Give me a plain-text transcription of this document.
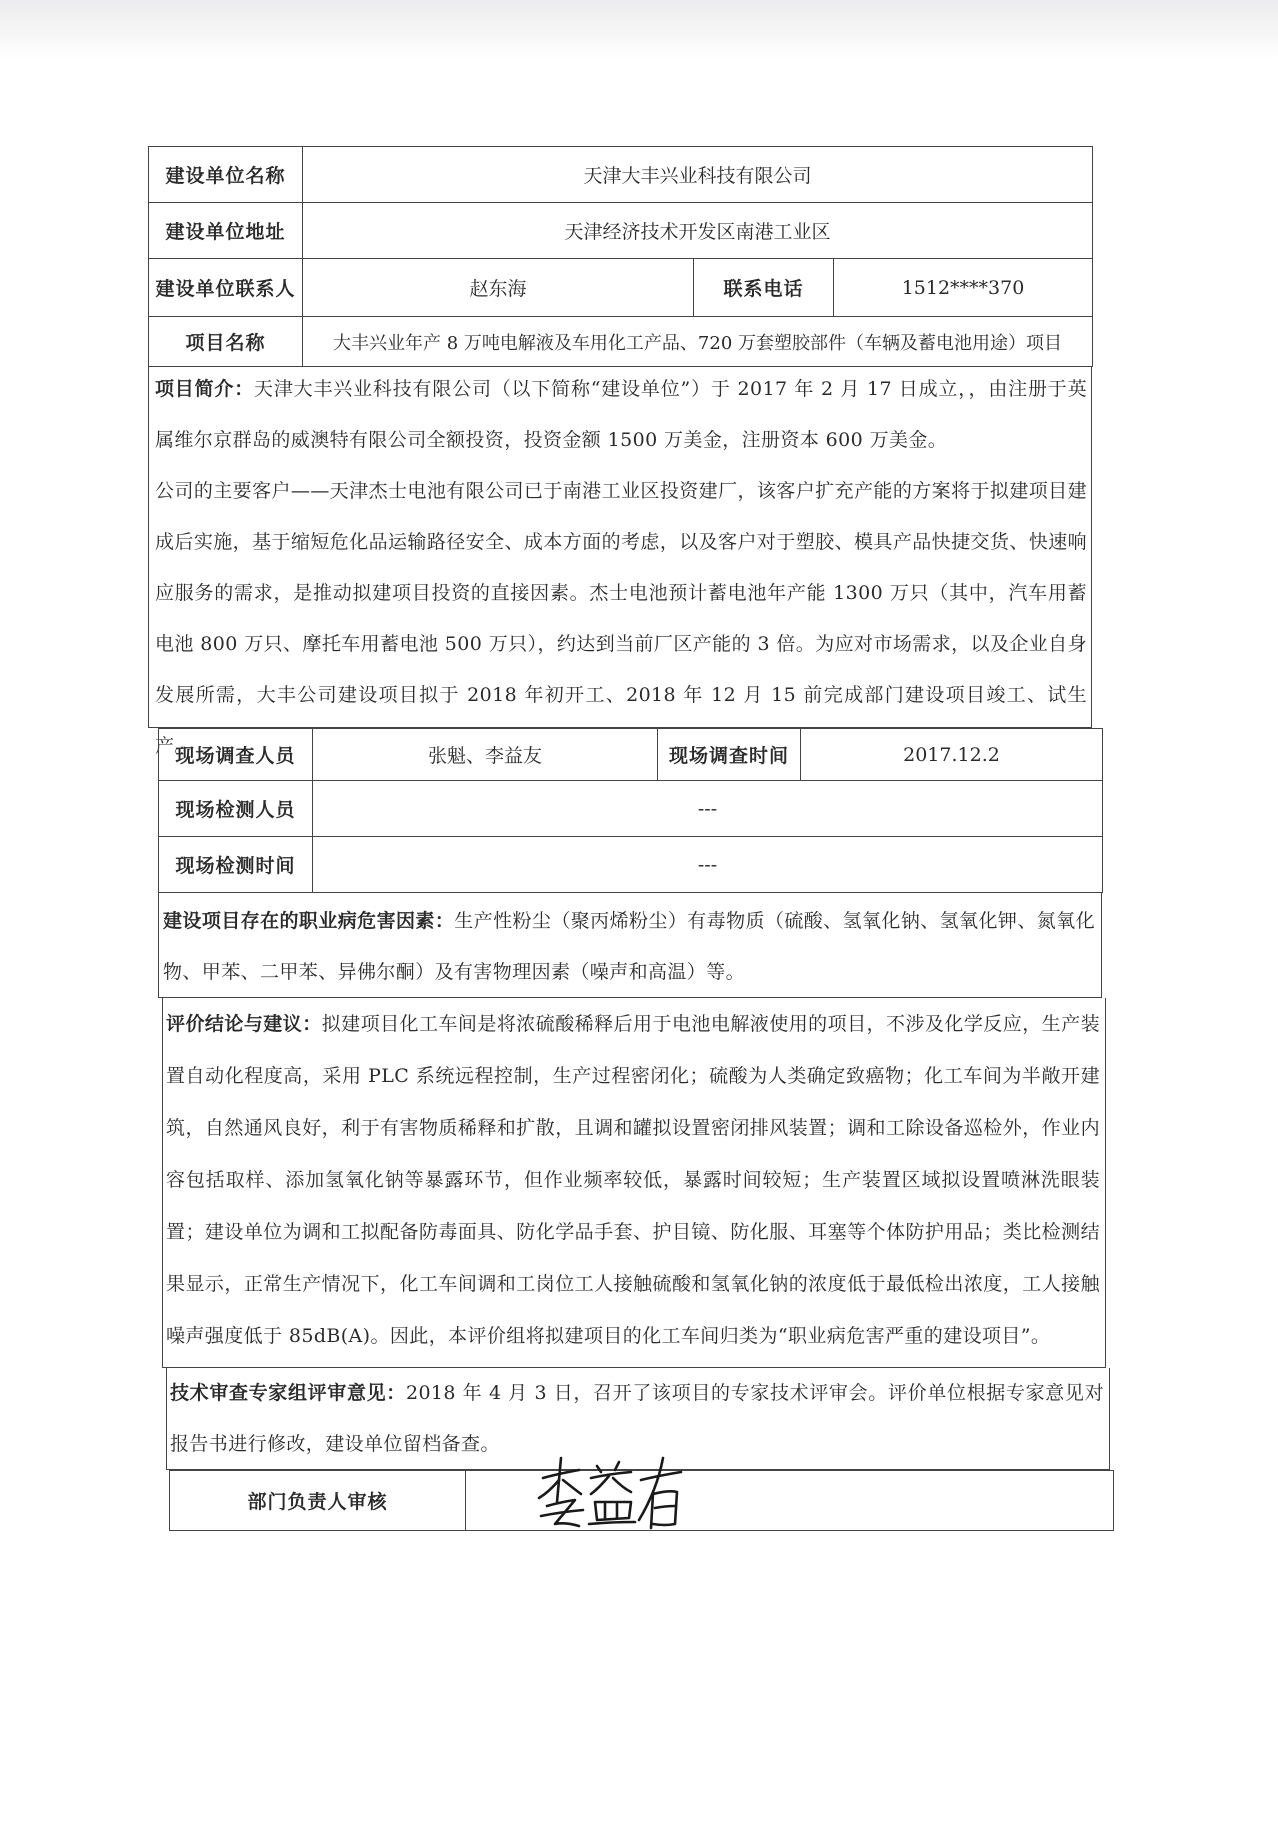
建设单位名称	天津大丰兴业科技有限公司		
建设单位地址	天津经济技术开发区南港工业区		
建设单位联系人	赵东海	联系电话	1512****370
项目名称	大丰兴业年产 8 万吨电解液及车用化工产品、720 万套塑胶部件（车辆及蓄电池用途）项目		
项目简介：天津大丰兴业科技有限公司（以下简称“建设单位”）于 2017 年 2 月 17 日成立，，由注册于英属维尔京群岛的威澳特有限公司全额投资，投资金额 1500 万美金，注册资本 600 万美金。
公司的主要客户——天津杰士电池有限公司已于南港工业区投资建厂，该客户扩充产能的方案将于拟建项目建成后实施，基于缩短危化品运输路径安全、成本方面的考虑，以及客户对于塑胶、模具产品快捷交货、快速响应服务的需求，是推动拟建项目投资的直接因素。杰士电池预计蓄电池年产能 1300 万只（其中，汽车用蓄电池 800 万只、摩托车用蓄电池 500 万只），约达到当前厂区产能的 3 倍。为应对市场需求，以及企业自身发展所需，大丰公司建设项目拟于 2018 年初开工、2018 年 12 月 15 前完成部门建设项目竣工、试生产。
现场调查人员	张魁、李益友	现场调查时间	2017.12.2
现场检测人员	---		
现场检测时间	---		
建设项目存在的职业病危害因素：生产性粉尘（聚丙烯粉尘）有毒物质（硫酸、氢氧化钠、氢氧化钾、氮氧化物、甲苯、二甲苯、异佛尔酮）及有害物理因素（噪声和高温）等。
评价结论与建议：拟建项目化工车间是将浓硫酸稀释后用于电池电解液使用的项目，不涉及化学反应，生产装置自动化程度高，采用 PLC 系统远程控制，生产过程密闭化；硫酸为人类确定致癌物；化工车间为半敞开建筑，自然通风良好，利于有害物质稀释和扩散，且调和罐拟设置密闭排风装置；调和工除设备巡检外，作业内容包括取样、添加氢氧化钠等暴露环节，但作业频率较低，暴露时间较短；生产装置区域拟设置喷淋洗眼装置；建设单位为调和工拟配备防毒面具、防化学品手套、护目镜、防化服、耳塞等个体防护用品；类比检测结果显示，正常生产情况下，化工车间调和工岗位工人接触硫酸和氢氧化钠的浓度低于最低检出浓度，工人接触噪声强度低于 85dB(A)。因此，本评价组将拟建项目的化工车间归类为“职业病危害严重的建设项目”。
技术审查专家组评审意见：2018 年 4 月 3 日，召开了该项目的专家技术评审会。评价单位根据专家意见对报告书进行修改，建设单位留档备查。
部门负责人审核	
